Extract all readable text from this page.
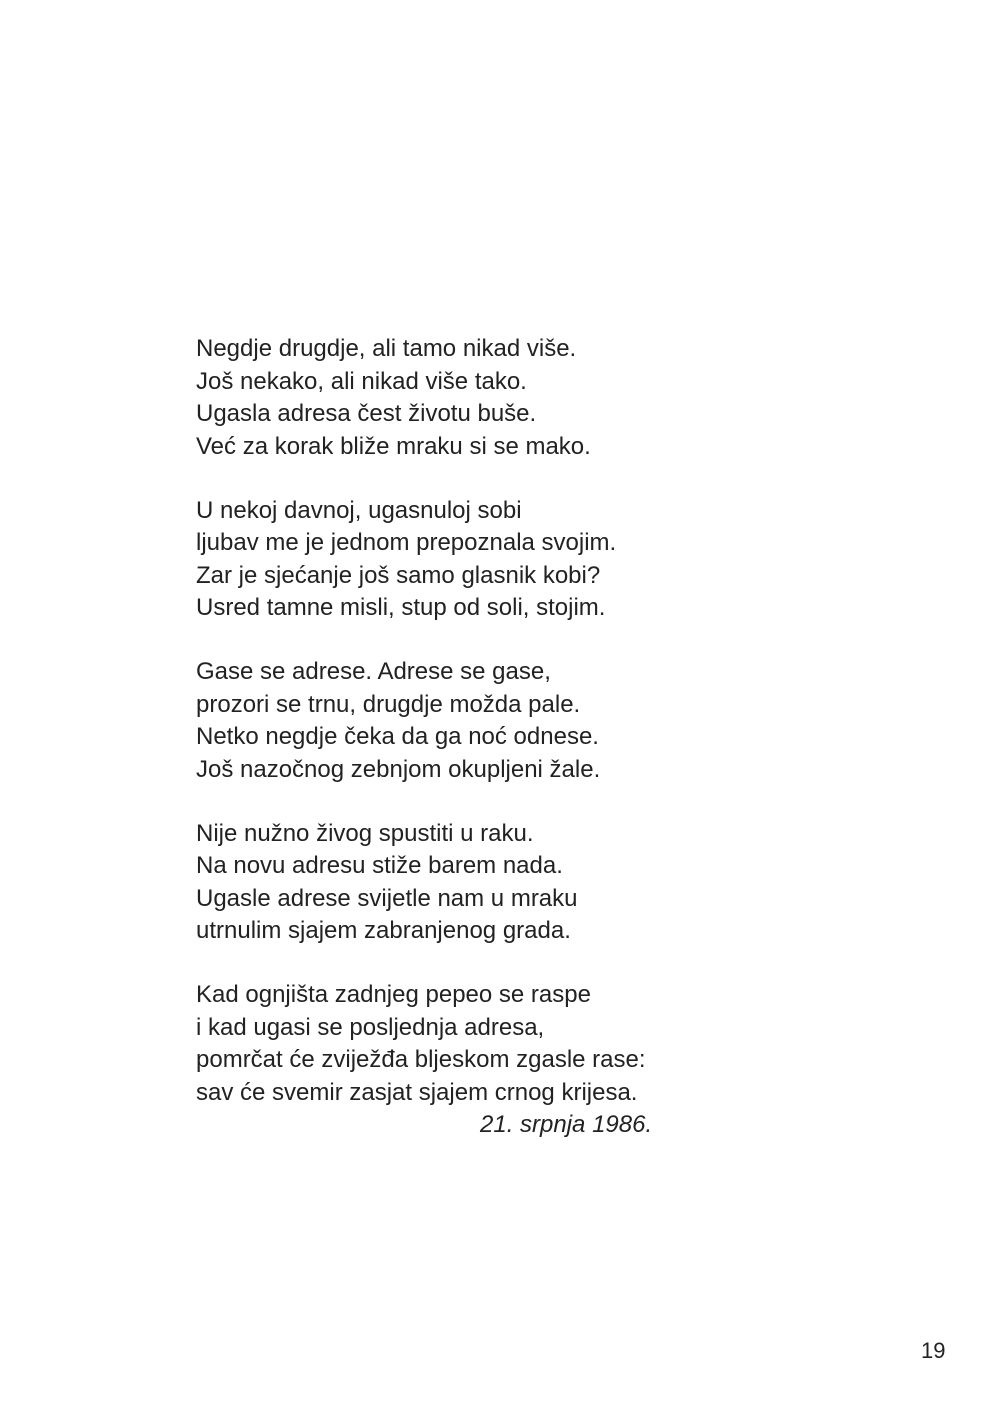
Negdje drugdje, ali tamo nikad više.
Još nekako, ali nikad više tako.
Ugasla adresa čest životu buše.
Već za korak bliže mraku si se mako.
U nekoj davnoj, ugasnuloj sobi
ljubav me je jednom prepoznala svojim.
Zar je sjećanje još samo glasnik kobi?
Usred tamne misli, stup od soli, stojim.
Gase se adrese. Adrese se gase,
prozori se trnu, drugdje možda pale.
Netko negdje čeka da ga noć odnese.
Još nazočnog zebnjom okupljeni žale.
Nije nužno živog spustiti u raku.
Na novu adresu stiže barem nada.
Ugasle adrese svijetle nam u mraku
utrnulim sjajem zabranjenog grada.
Kad ognjišta zadnjeg pepeo se raspe
i kad ugasi se posljednja adresa,
pomrčat će zviježđa bljeskom zgasle rase:
sav će svemir zasjat sjajem crnog krijesa.
21. srpnja 1986.
19
